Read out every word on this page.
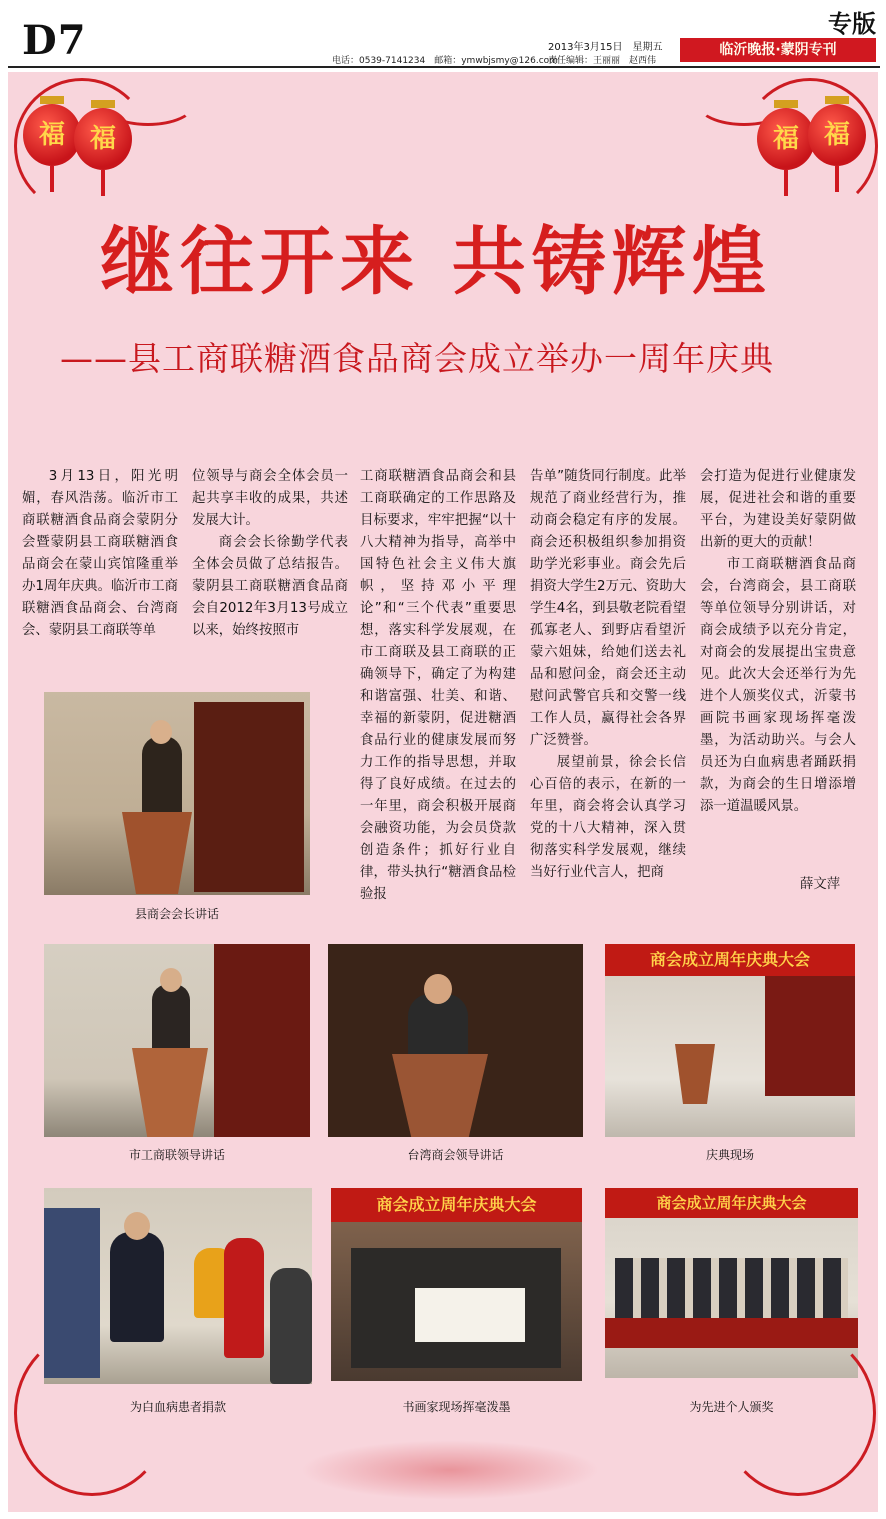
D7	专版
2013年3月15日　星期五
电话：0539-7141234　邮箱：ymwbjsmy@126.com
责任编辑：王丽丽　赵西伟
临沂晚报·蒙阴专刊
福 福	福 福
继往开来 共铸辉煌
——县工商联糖酒食品商会成立举办一周年庆典

3月13日，阳光明媚，春风浩荡。临沂市工商联糖酒食品商会蒙阴分会暨蒙阴县工商联糖酒食品商会在蒙山宾馆隆重举办1周年庆典。临沂市工商联糖酒食品商会、台湾商会、蒙阴县工商联等单

位领导与商会全体会员一起共享丰收的成果，共述发展大计。

商会会长徐勤学代表全体会员做了总结报告。蒙阴县工商联糖酒食品商会自2012年3月13号成立以来，始终按照市

工商联糖酒食品商会和县工商联确定的工作思路及目标要求，牢牢把握“以十八大精神为指导，高举中国特色社会主义伟大旗帜，坚持邓小平理论”和“三个代表”重要思想，落实科学发展观，在市工商联及县工商联的正确领导下，确定了为构建和谐富强、壮美、和谐、幸福的新蒙阴，促进糖酒食品行业的健康发展而努力工作的指导思想，并取得了良好成绩。在过去的一年里，商会积极开展商会融资功能，为会员贷款创造条件；抓好行业自律，带头执行“糖酒食品检验报

告单”随货同行制度。此举规范了商业经营行为，推动商会稳定有序的发展。商会还积极组织参加捐资助学光彩事业。商会先后捐资大学生2万元、资助大学生4名，到县敬老院看望孤寡老人、到野店看望沂蒙六姐妹，给她们送去礼品和慰问金，商会还主动慰问武警官兵和交警一线工作人员，赢得社会各界广泛赞誉。

展望前景，徐会长信心百倍的表示，在新的一年里，商会将会认真学习党的十八大精神，深入贯彻落实科学发展观，继续当好行业代言人，把商

会打造为促进行业健康发展，促进社会和谐的重要平台，为建设美好蒙阴做出新的更大的贡献！

市工商联糖酒食品商会，台湾商会，县工商联等单位领导分别讲话，对商会成绩予以充分肯定，对商会的发展提出宝贵意见。此次大会还举行为先进个人颁奖仪式，沂蒙书画院书画家现场挥毫泼墨，为活动助兴。与会人员还为白血病患者踊跃捐款，为商会的生日增添增添一道温暖风景。

薛文萍
县商会会长讲话
市工商联领导讲话	台湾商会领导讲话
商会成立周年庆典大会
庆典现场
为白血病患者捐款
商会成立周年庆典大会
书画家现场挥毫泼墨
商会成立周年庆典大会
为先进个人颁奖
